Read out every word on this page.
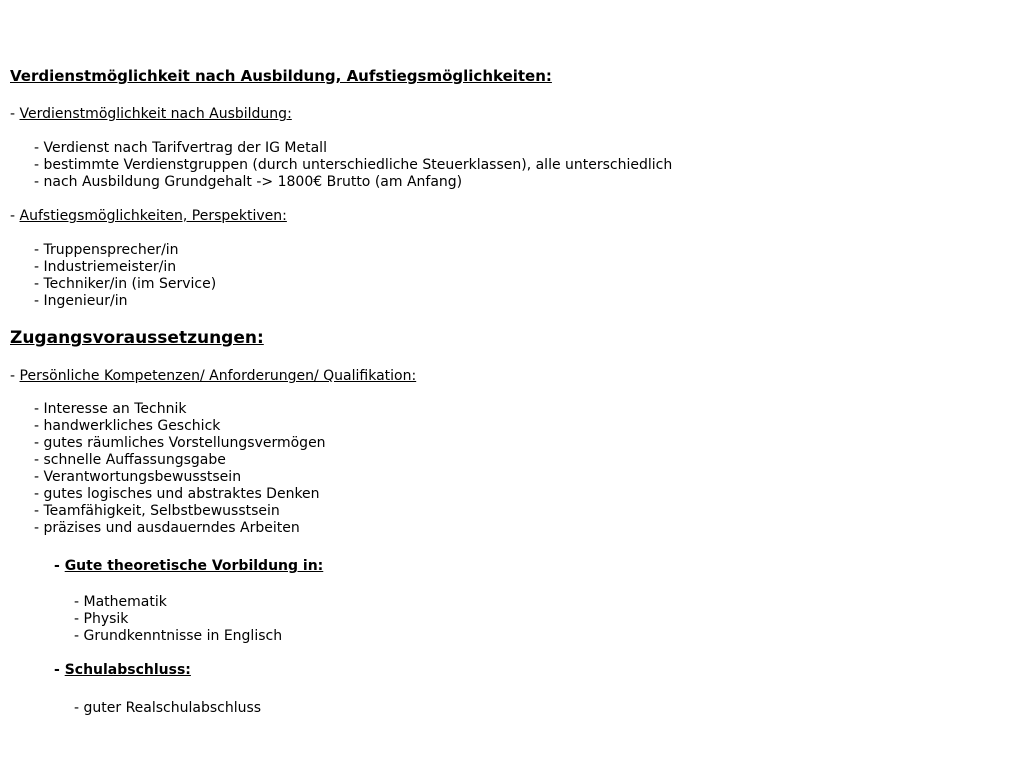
Verdienstmöglichkeit nach Ausbildung, Aufstiegsmöglichkeiten:
- Verdienstmöglichkeit nach Ausbildung:
- Verdienst nach Tarifvertrag der IG Metall
- bestimmte Verdienstgruppen (durch unterschiedliche Steuerklassen), alle unterschiedlich
- nach Ausbildung Grundgehalt -> 1800€ Brutto (am Anfang)
- Aufstiegsmöglichkeiten, Perspektiven:
- Truppensprecher/in
- Industriemeister/in
- Techniker/in (im Service)
- Ingenieur/in
Zugangsvoraussetzungen:
- Persönliche Kompetenzen/ Anforderungen/ Qualifikation:
- Interesse an Technik
- handwerkliches Geschick
- gutes räumliches Vorstellungsvermögen
- schnelle Auffassungsgabe
- Verantwortungsbewusstsein
- gutes logisches und abstraktes Denken
- Teamfähigkeit, Selbstbewusstsein
- präzises und ausdauerndes Arbeiten
- Gute theoretische Vorbildung in:
- Mathematik
- Physik
- Grundkenntnisse in Englisch
- Schulabschluss:
- guter Realschulabschluss
